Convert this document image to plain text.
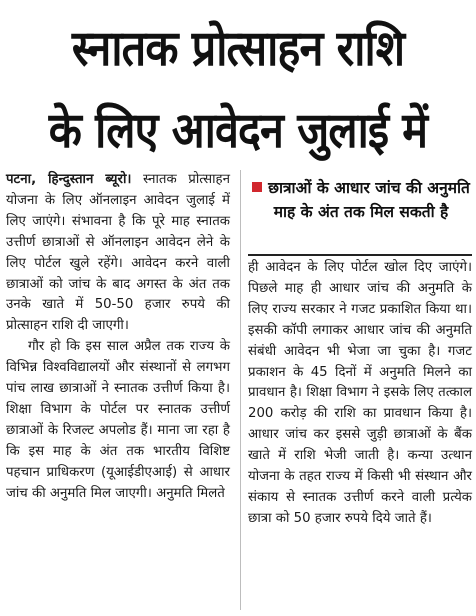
स्नातक प्रोत्साहन राशि
के लिए आवेदन जुलाई में

पटना, हिन्दुस्तान ब्यूरो। स्नातक प्रोत्साहन योजना के लिए ऑनलाइन आवेदन जुलाई में लिए जाएंगे। संभावना है कि पूरे माह स्नातक उत्तीर्ण छात्राओं से ऑनलाइन आवेदन लेने के लिए पोर्टल खुले रहेंगे। आवेदन करने वाली छात्राओं को जांच के बाद अगस्त के अंत तक उनके खाते में 50-50 हजार रुपये की प्रोत्साहन राशि दी जाएगी।

गौर हो कि इस साल अप्रैल तक राज्य के विभिन्न विश्वविद्यालयों और संस्थानों से लगभग पांच लाख छात्राओं ने स्नातक उत्तीर्ण किया है। शिक्षा विभाग के पोर्टल पर स्नातक उत्तीर्ण छात्राओं के रिजल्ट अपलोड हैं। माना जा रहा है कि इस माह के अंत तक भारतीय विशिष्ट पहचान प्राधिकरण (यूआईडीएआई) से आधार जांच की अनुमति मिल जाएगी। अनुमति मिलते

छात्राओं के आधार जांच की अनुमति माह के अंत तक मिल सकती है

ही आवेदन के लिए पोर्टल खोल दिए जाएंगे। पिछले माह ही आधार जांच की अनुमति के लिए राज्य सरकार ने गजट प्रकाशित किया था। इसकी कॉपी लगाकर आधार जांच की अनुमति संबंधी आवेदन भी भेजा जा चुका है। गजट प्रकाशन के 45 दिनों में अनुमति मिलने का प्रावधान है। शिक्षा विभाग ने इसके लिए तत्काल 200 करोड़ की राशि का प्रावधान किया है। आधार जांच कर इससे जुड़ी छात्राओं के बैंक खाते में राशि भेजी जाती है। कन्या उत्थान योजना के तहत राज्य में किसी भी संस्थान और संकाय से स्नातक उत्तीर्ण करने वाली प्रत्येक छात्रा को 50 हजार रुपये दिये जाते हैं।
